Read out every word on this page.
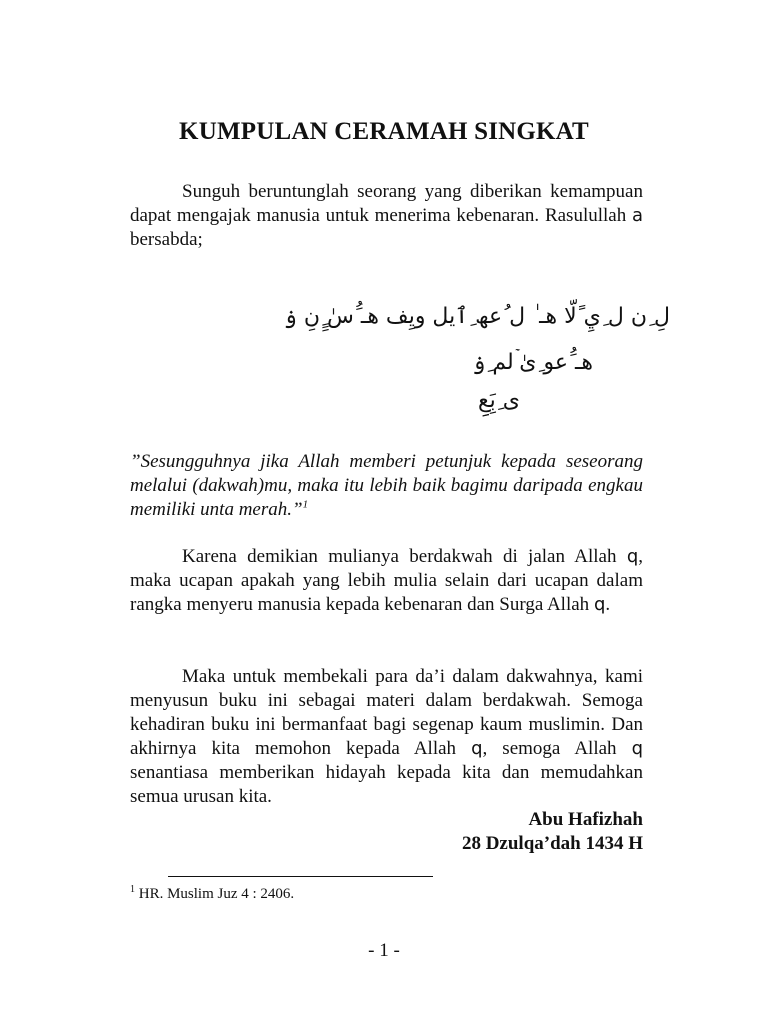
KUMPULAN CERAMAH SINGKAT

Sunguh beruntunglah seorang yang diberikan kemampuan dapat mengajak manusia untuk menerima kebenaran. Rasulullah a bersabda;

لِ ِن ل ِيِ ًلّا ھـ ٰ ل ُعھ ِٱیل ویِف ھـ َُسٰ ٍِنِ ۏ
ھـ َُعو ِیٰ ۡلم ِۏ
ی ِبَِعِِ

”Sesungguhnya jika Allah memberi petunjuk kepada seseorang melalui (dakwah)mu, maka itu lebih baik bagimu daripada engkau memiliki unta merah.”$^1$

Karena demikian mulianya berdakwah di jalan Allah q, maka ucapan apakah yang lebih mulia selain dari ucapan dalam rangka menyeru manusia kepada kebenaran dan Surga Allah q.

Maka untuk membekali para da’i dalam dakwahnya, kami menyusun buku ini sebagai materi dalam berdakwah. Semoga kehadiran buku ini bermanfaat bagi segenap kaum muslimin. Dan akhirnya kita memohon kepada Allah q, semoga Allah q senantiasa memberikan hidayah kepada kita dan memudahkan semua urusan kita.

Abu Hafizhah
28 Dzulqa’dah 1434 H
$^1$ HR. Muslim Juz 4 : 2406.
- 1 -
